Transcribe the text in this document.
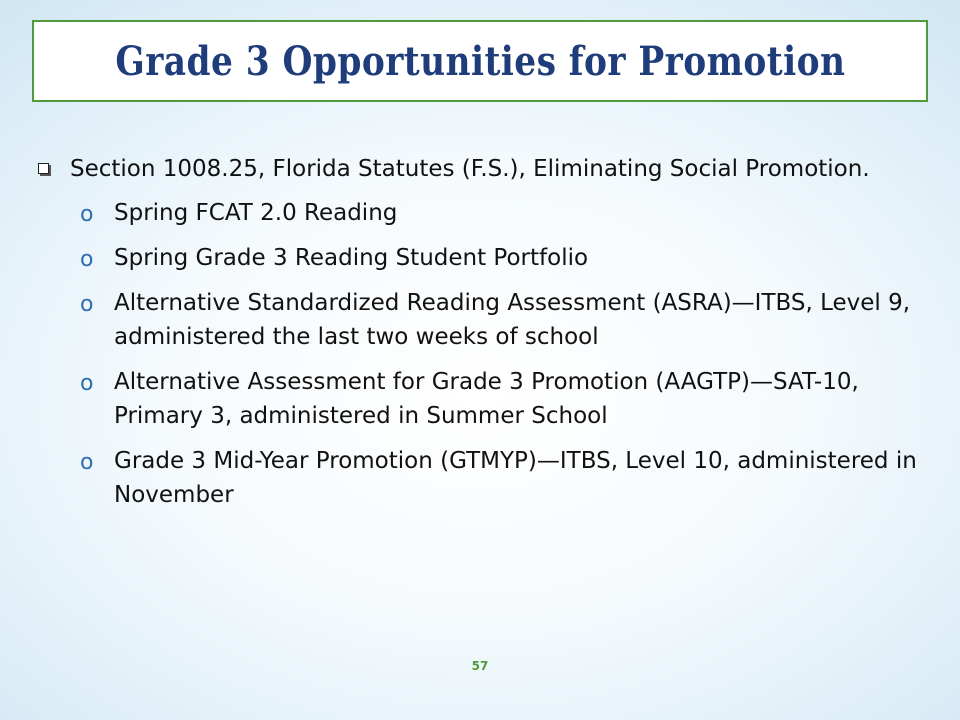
Grade 3 Opportunities for Promotion
Section 1008.25, Florida Statutes (F.S.), Eliminating Social Promotion.
o Spring FCAT 2.0 Reading
o Spring Grade 3 Reading Student Portfolio
o Alternative Standardized Reading Assessment (ASRA)—ITBS, Level 9, administered the last two weeks of school
o Alternative Assessment for Grade 3 Promotion (AAGTP)—SAT-10, Primary 3, administered in Summer School
o Grade 3 Mid-Year Promotion (GTMYP)—ITBS, Level 10, administered in November
57
